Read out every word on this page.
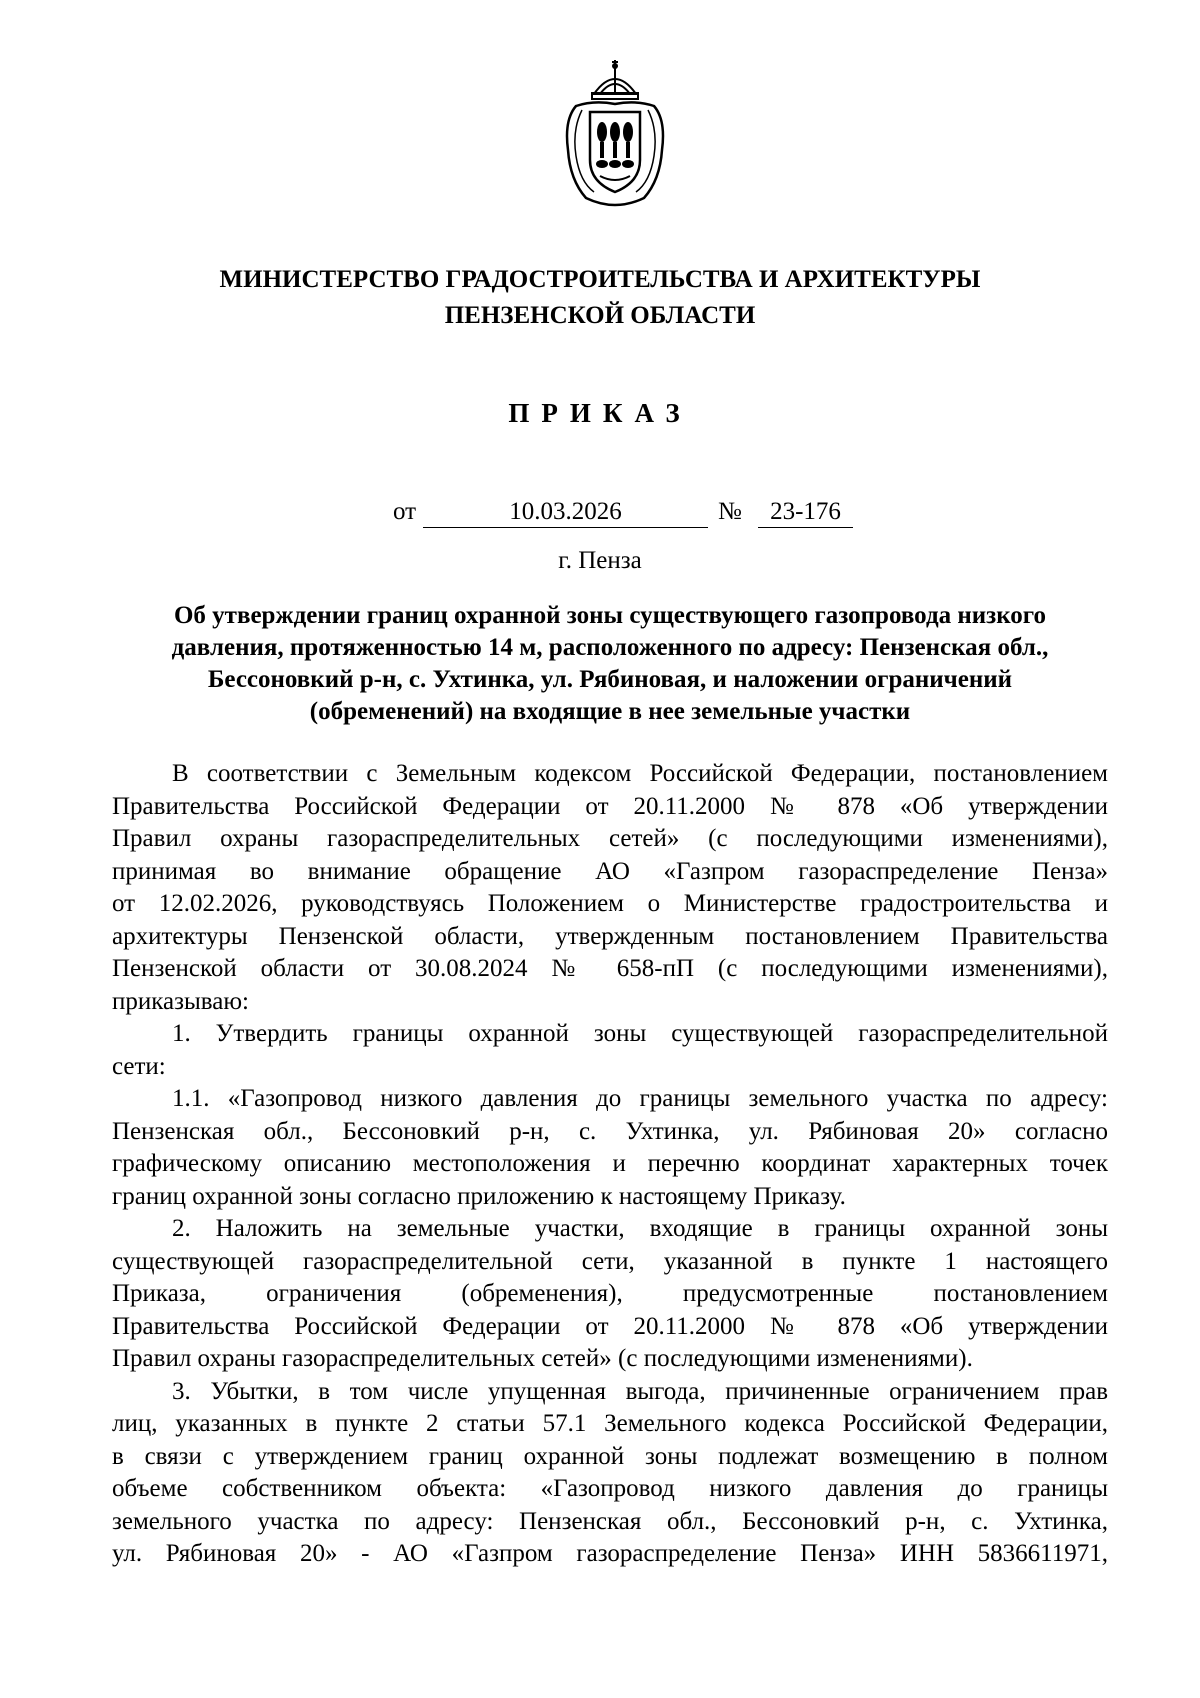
МИНИСТЕРСТВО ГРАДОСТРОИТЕЛЬСТВА И АРХИТЕКТУРЫ
ПЕНЗЕНСКОЙ ОБЛАСТИ
ПРИКАЗ
от	10.03.2026	№	23-176
г. Пенза
Об утверждении границ охранной зоны существующего газопровода низкого
давления, протяженностью 14 м, расположенного по адресу: Пензенская обл.,
Бессоновкий р-н, с. Ухтинка, ул. Рябиновая, и наложении ограничений
(обременений) на входящие в нее земельные участки
В соответствии с Земельным кодексом Российской Федерации, постановлением
Правительства Российской Федерации от 20.11.2000 № 878 «Об утверждении
Правил охраны газораспределительных сетей» (с последующими изменениями),
принимая во внимание обращение АО «Газпром газораспределение Пенза»
от 12.02.2026, руководствуясь Положением о Министерстве градостроительства и
архитектуры Пензенской области, утвержденным постановлением Правительства
Пензенской области от 30.08.2024 № 658-пП (с последующими изменениями),
приказываю:
1. Утвердить границы охранной зоны существующей газораспределительной
сети:
1.1. «Газопровод низкого давления до границы земельного участка по адресу:
Пензенская обл., Бессоновкий р-н, с. Ухтинка, ул. Рябиновая 20» согласно
графическому описанию местоположения и перечню координат характерных точек
границ охранной зоны согласно приложению к настоящему Приказу.
2. Наложить на земельные участки, входящие в границы охранной зоны
существующей газораспределительной сети, указанной в пункте 1 настоящего
Приказа, ограничения (обременения), предусмотренные постановлением
Правительства Российской Федерации от 20.11.2000 № 878 «Об утверждении
Правил охраны газораспределительных сетей» (с последующими изменениями).
3. Убытки, в том числе упущенная выгода, причиненные ограничением прав
лиц, указанных в пункте 2 статьи 57.1 Земельного кодекса Российской Федерации,
в связи с утверждением границ охранной зоны подлежат возмещению в полном
объеме собственником объекта: «Газопровод низкого давления до границы
земельного участка по адресу: Пензенская обл., Бессоновкий р-н, с. Ухтинка,
ул. Рябиновая 20» - АО «Газпром газораспределение Пенза» ИНН 5836611971,
